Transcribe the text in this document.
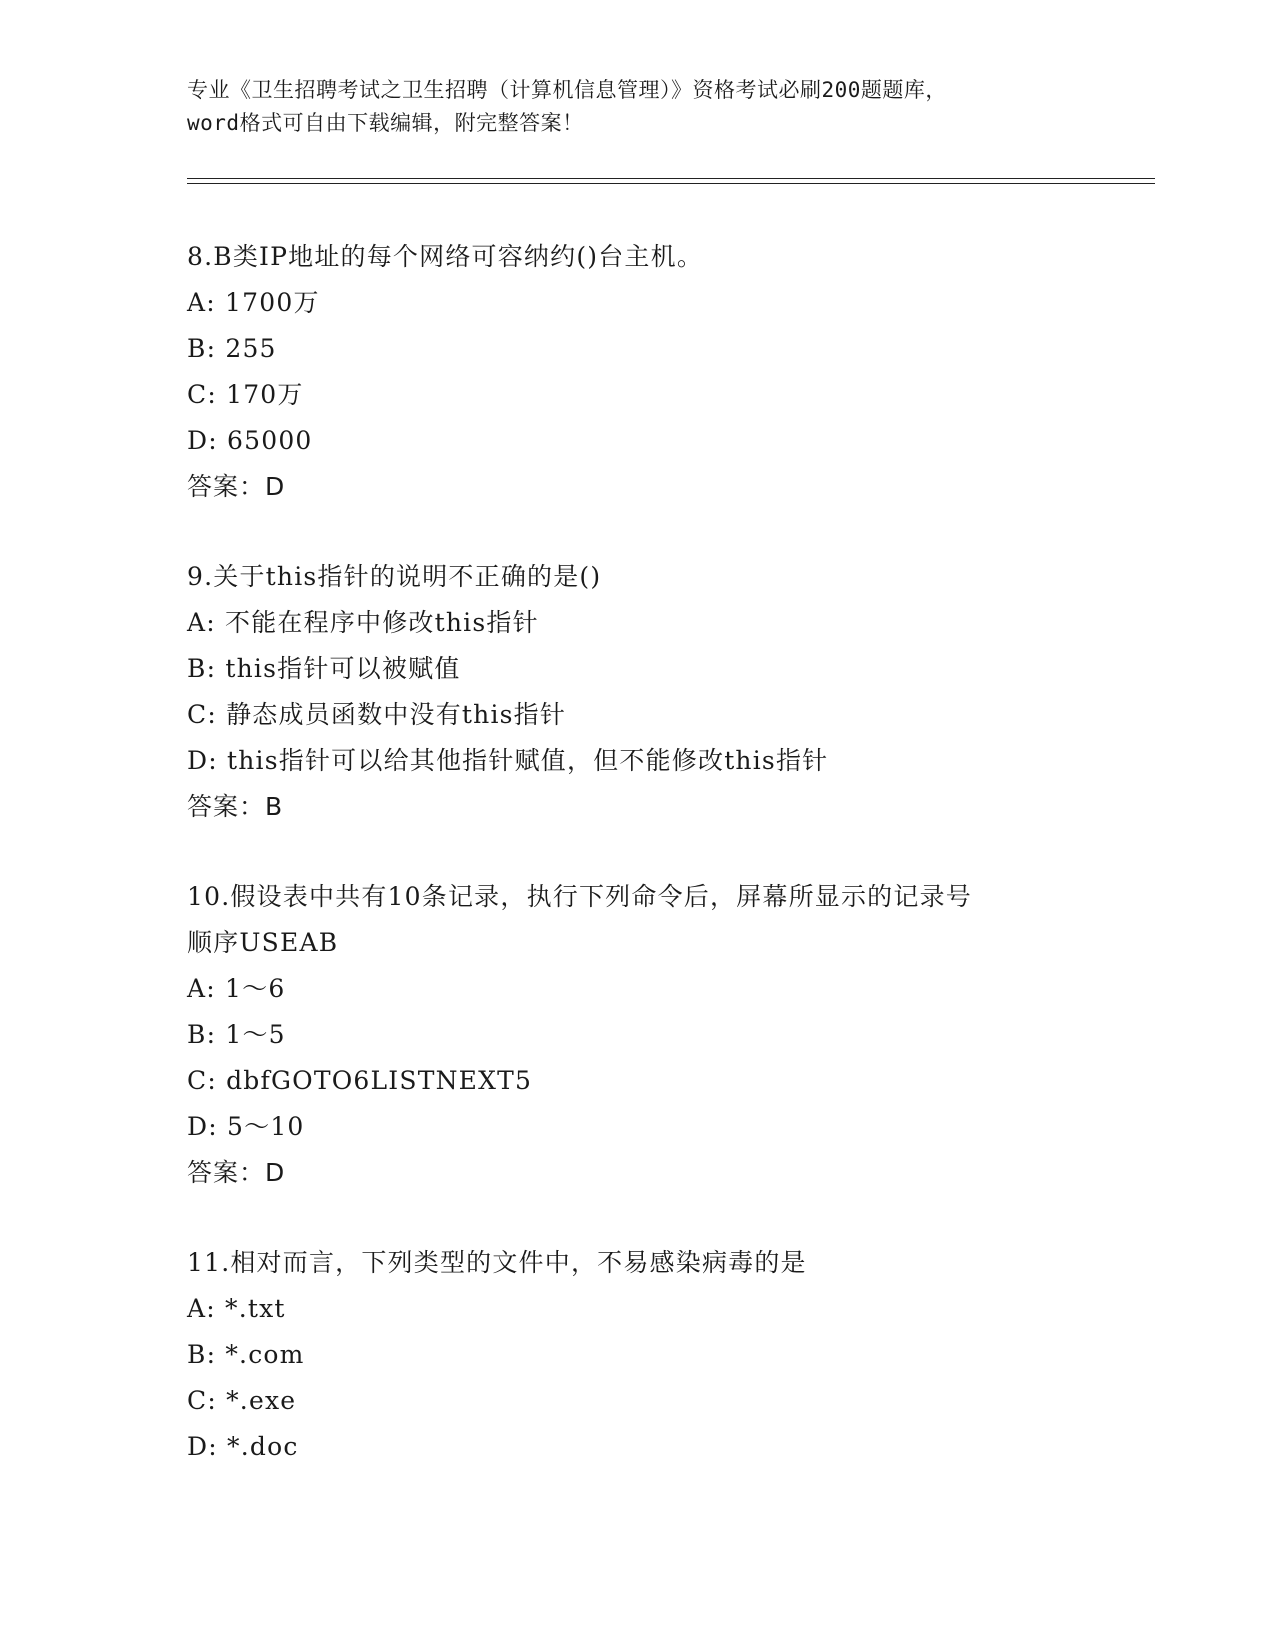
专业《卫生招聘考试之卫生招聘（计算机信息管理）》资格考试必刷200题题库，
word格式可自由下载编辑，附完整答案！
8.B类IP地址的每个网络可容纳约()台主机。
A: 1700万
B: 255
C: 170万
D: 65000
答案：D
9.关于this指针的说明不正确的是()
A: 不能在程序中修改this指针
B: this指针可以被赋值
C: 静态成员函数中没有this指针
D: this指针可以给其他指针赋值，但不能修改this指针
答案：B
10.假设表中共有10条记录，执行下列命令后，屏幕所显示的记录号
顺序USEAB
A: 1～6
B: 1～5
C: dbfGOTO6LISTNEXT5
D: 5～10
答案：D
11.相对而言，下列类型的文件中，不易感染病毒的是
A: *.txt
B: *.com
C: *.exe
D: *.doc
